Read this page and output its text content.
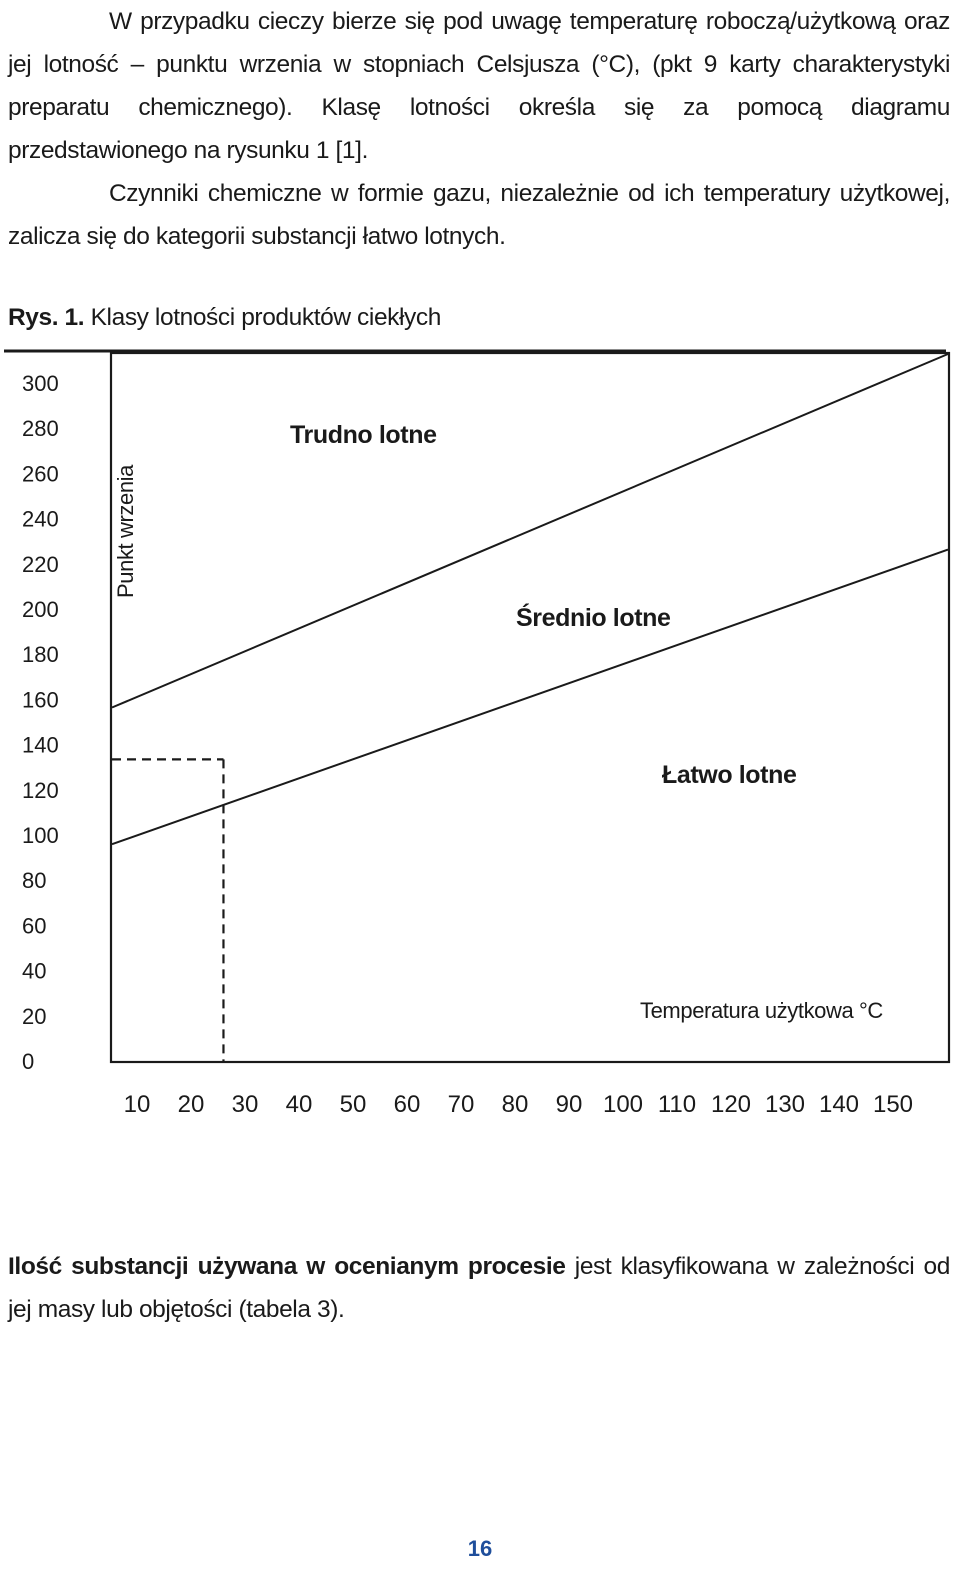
W przypadku cieczy bierze się pod uwagę temperaturę roboczą/użytkową oraz jej lotność – punktu wrzenia w stopniach Celsjusza (°C), (pkt 9 karty charakterystyki preparatu chemicznego). Klasę lotności określa się za pomocą diagramu przedstawionego na rysunku 1 [1].

Czynniki chemiczne w formie gazu, niezależnie od ich temperatury użytkowej, zalicza się do kategorii substancji łatwo lotnych.

Rys. 1. Klasy lotności produktów ciekłych
300
280
260
240
220
200
180
160
140
120
100
80
60
40
20
0
10 20 30 40 50 60 70 80 90 100 110 120 130 140 150
Punkt wrzenia
Trudno lotne
Średnio lotne
Łatwo lotne
Temperatura użytkowa °C

Ilość substancji używana w ocenianym procesie jest klasyfikowana w zależności od jej masy lub objętości (tabela 3).

16
